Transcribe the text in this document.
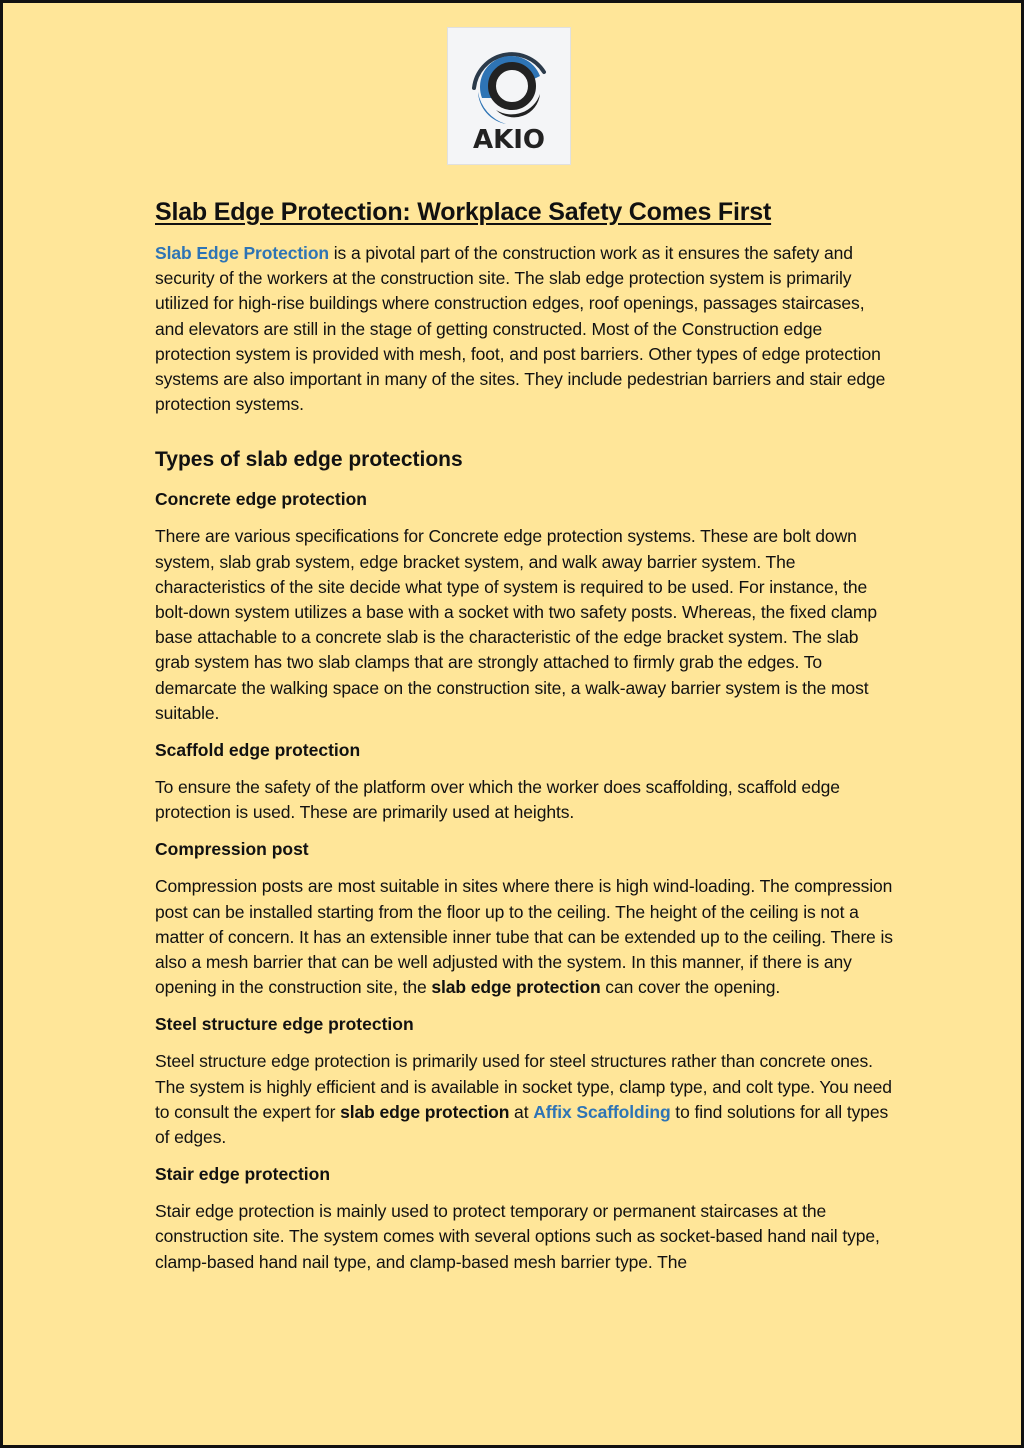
AKIO
Slab Edge Protection: Workplace Safety Comes First

Slab Edge Protection is a pivotal part of the construction work as it ensures the safety and security of the workers at the construction site. The slab edge protection system is primarily utilized for high-rise buildings where construction edges, roof openings, passages staircases, and elevators are still in the stage of getting constructed. Most of the Construction edge protection system is provided with mesh, foot, and post barriers. Other types of edge protection systems are also important in many of the sites. They include pedestrian barriers and stair edge protection systems.

Types of slab edge protections
Concrete edge protection

There are various specifications for Concrete edge protection systems. These are bolt down system, slab grab system, edge bracket system, and walk away barrier system. The characteristics of the site decide what type of system is required to be used. For instance, the bolt-down system utilizes a base with a socket with two safety posts. Whereas, the fixed clamp base attachable to a concrete slab is the characteristic of the edge bracket system. The slab grab system has two slab clamps that are strongly attached to firmly grab the edges. To demarcate the walking space on the construction site, a walk-away barrier system is the most suitable.

Scaffold edge protection

To ensure the safety of the platform over which the worker does scaffolding, scaffold edge protection is used. These are primarily used at heights.

Compression post

Compression posts are most suitable in sites where there is high wind-loading. The compression post can be installed starting from the floor up to the ceiling. The height of the ceiling is not a matter of concern. It has an extensible inner tube that can be extended up to the ceiling. There is also a mesh barrier that can be well adjusted with the system. In this manner, if there is any opening in the construction site, the slab edge protection can cover the opening.

Steel structure edge protection

Steel structure edge protection is primarily used for steel structures rather than concrete ones. The system is highly efficient and is available in socket type, clamp type, and colt type. You need to consult the expert for slab edge protection at Affix Scaffolding to find solutions for all types of edges.

Stair edge protection

Stair edge protection is mainly used to protect temporary or permanent staircases at the construction site. The system comes with several options such as socket-based hand nail type, clamp-based hand nail type, and clamp-based mesh barrier type. The
